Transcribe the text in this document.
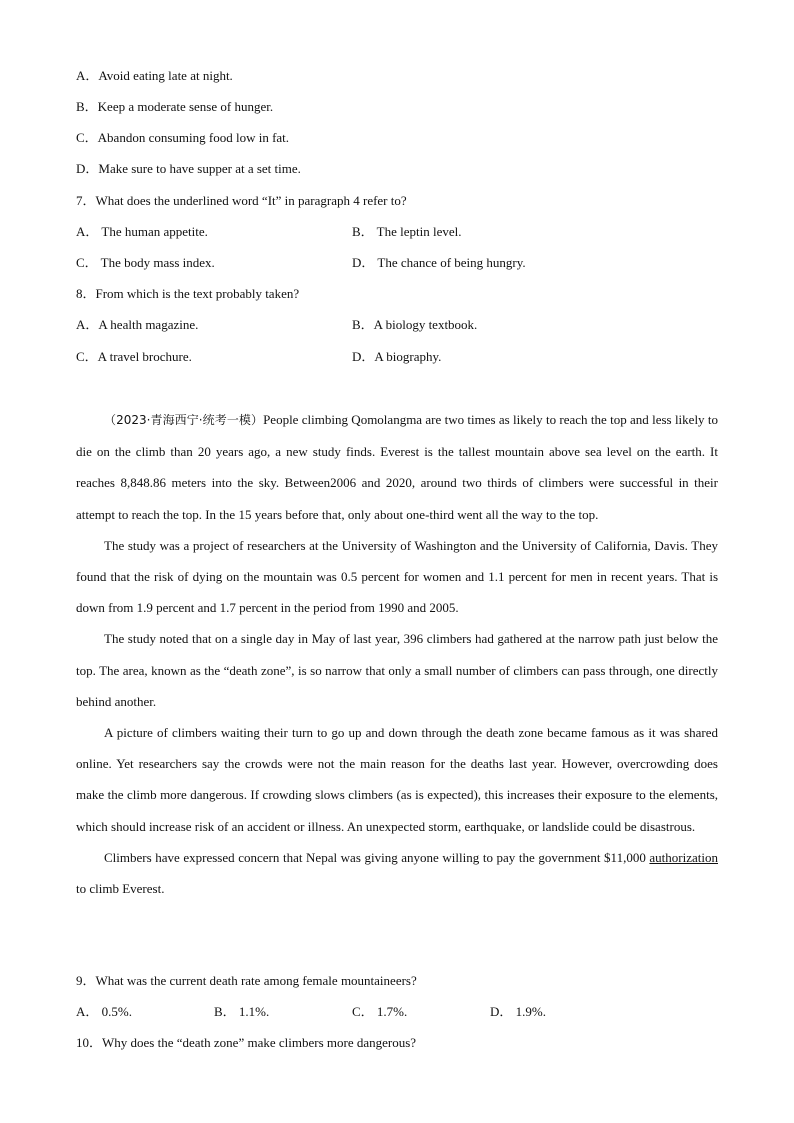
A．Avoid eating late at night.
B．Keep a moderate sense of hunger.
C．Abandon consuming food low in fat.
D．Make sure to have supper at a set time.
7．What does the underlined word “It” in paragraph 4 refer to?
A． The human appetite.	B． The leptin level.
C． The body mass index.	D． The chance of being hungry.
8．From which is the text probably taken?
A．A health magazine.	B．A biology textbook.
C．A travel brochure.	D．A biography.

（2023·青海西宁·统考一模）People climbing Qomolangma are two times as likely to reach the top and less likely to die on the climb than 20 years ago, a new study finds. Everest is the tallest mountain above sea level on the earth. It reaches 8,848.86 meters into the sky. Between2006 and 2020, around two thirds of climbers were successful in their attempt to reach the top. In the 15 years before that, only about one-third went all the way to the top.

The study was a project of researchers at the University of Washington and the University of California, Davis. They found that the risk of dying on the mountain was 0.5 percent for women and 1.1 percent for men in recent years. That is down from 1.9 percent and 1.7 percent in the period from 1990 and 2005.

The study noted that on a single day in May of last year, 396 climbers had gathered at the narrow path just below the top. The area, known as the “death zone”, is so narrow that only a small number of climbers can pass through, one directly behind another.

A picture of climbers waiting their turn to go up and down through the death zone became famous as it was shared online. Yet researchers say the crowds were not the main reason for the deaths last year. However, overcrowding does make the climb more dangerous. If crowding slows climbers (as is expected), this increases their exposure to the elements, which should increase risk of an accident or illness. An unexpected storm, earthquake, or landslide could be disastrous.

Climbers have expressed concern that Nepal was giving anyone willing to pay the government $11,000 authorization to climb Everest.

9．What was the current death rate among female mountaineers?
A． 0.5%.	B． 1.1%.	C． 1.7%.	D． 1.9%.
10．Why does the “death zone” make climbers more dangerous?
